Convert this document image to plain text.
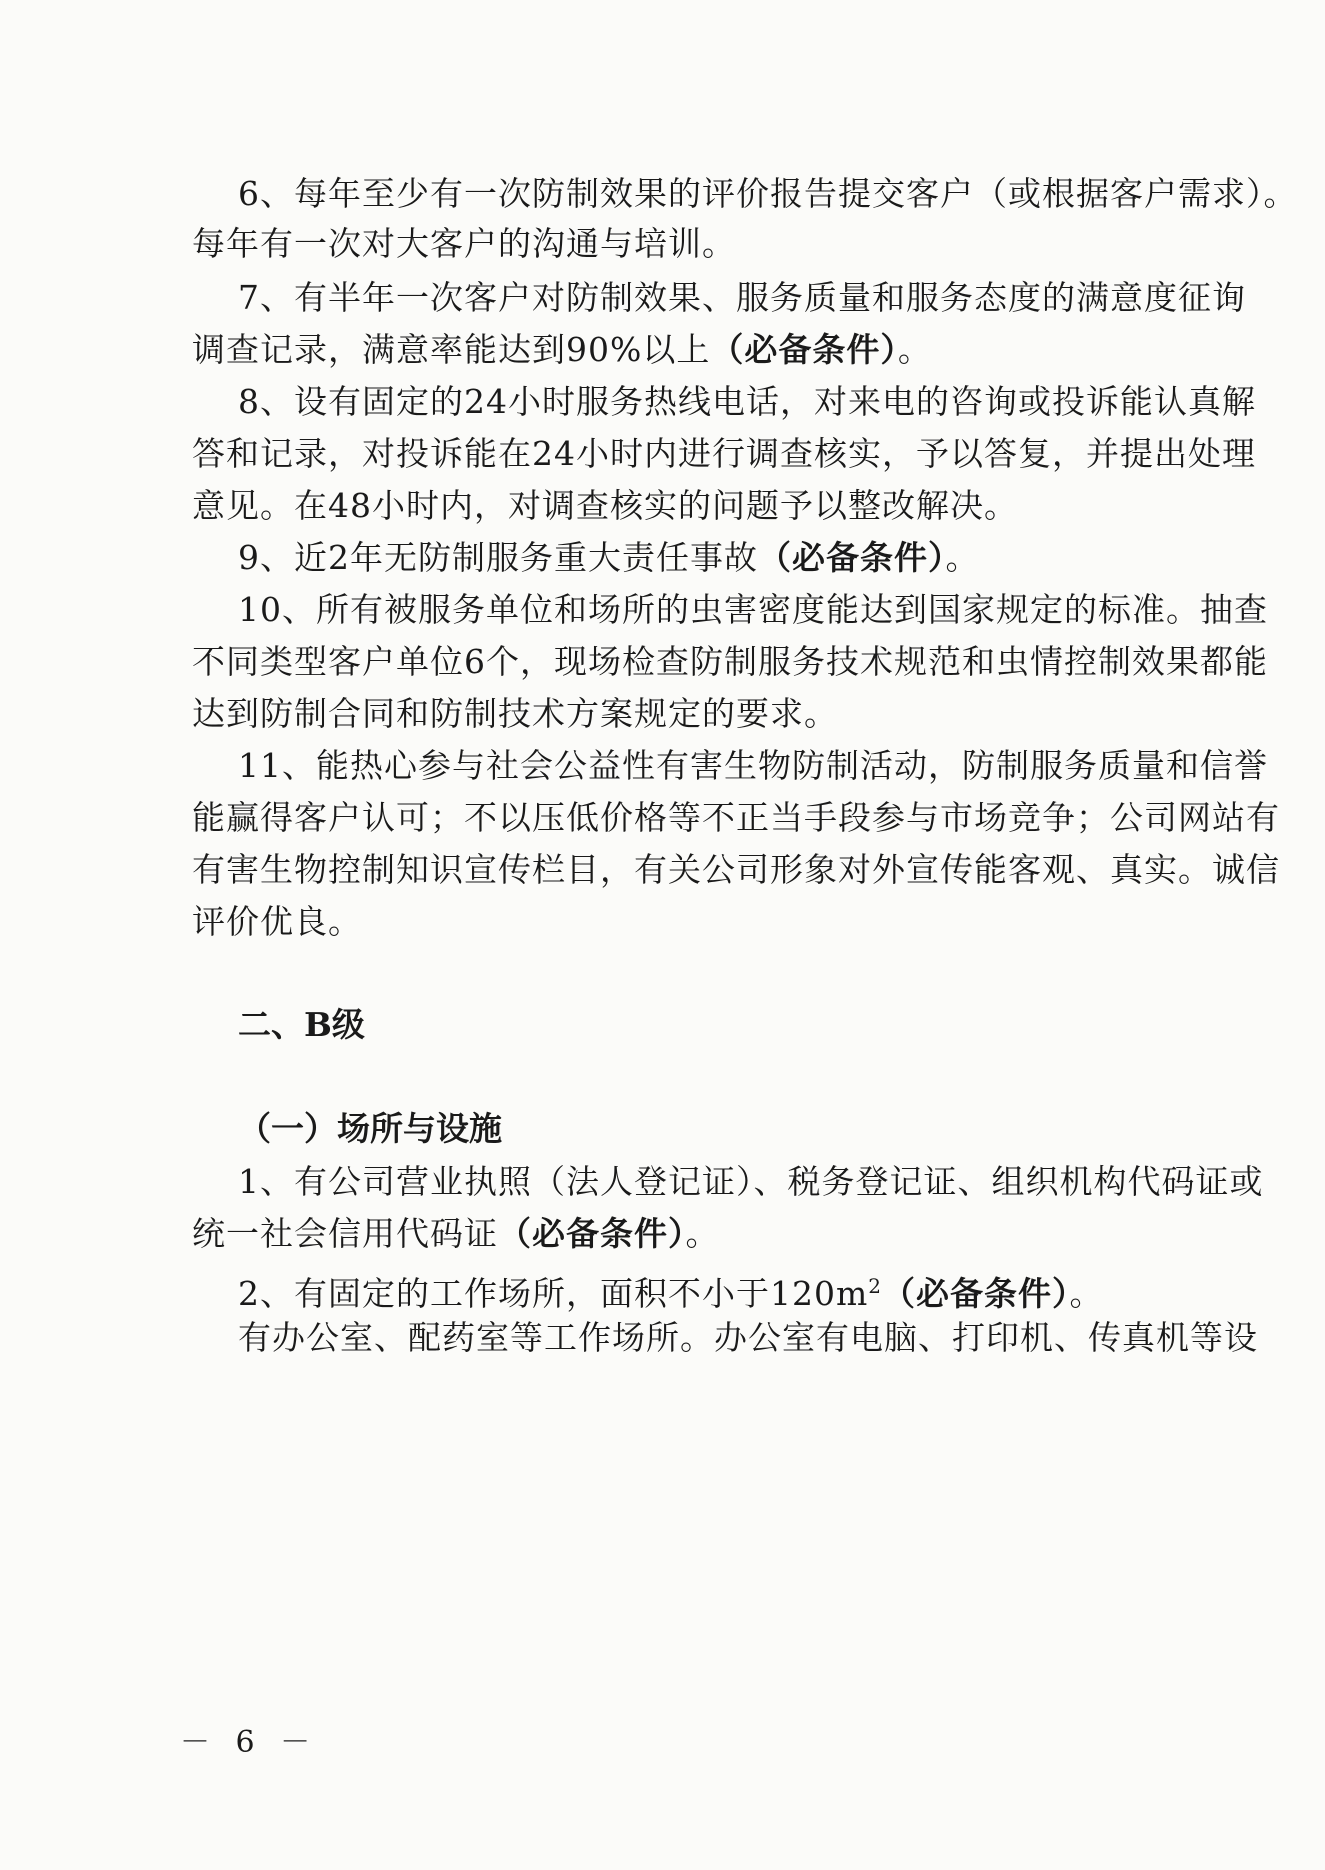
6、每年至少有一次防制效果的评价报告提交客户（或根据客户需求）。
每年有一次对大客户的沟通与培训。
7、有半年一次客户对防制效果、服务质量和服务态度的满意度征询
调查记录，满意率能达到90%以上（必备条件）。
8、设有固定的24小时服务热线电话，对来电的咨询或投诉能认真解
答和记录，对投诉能在24小时内进行调查核实，予以答复，并提出处理
意见。在48小时内，对调查核实的问题予以整改解决。
9、近2年无防制服务重大责任事故（必备条件）。
10、所有被服务单位和场所的虫害密度能达到国家规定的标准。抽查
不同类型客户单位6个，现场检查防制服务技术规范和虫情控制效果都能
达到防制合同和防制技术方案规定的要求。
11、能热心参与社会公益性有害生物防制活动，防制服务质量和信誉
能赢得客户认可；不以压低价格等不正当手段参与市场竞争；公司网站有
有害生物控制知识宣传栏目，有关公司形象对外宣传能客观、真实。诚信
评价优良。
二、B级
（一）场所与设施
1、有公司营业执照（法人登记证）、税务登记证、组织机构代码证或
统一社会信用代码证（必备条件）。
2、有固定的工作场所，面积不小于$120m^2$（必备条件）。
有办公室、配药室等工作场所。办公室有电脑、打印机、传真机等设
－ 6 －
